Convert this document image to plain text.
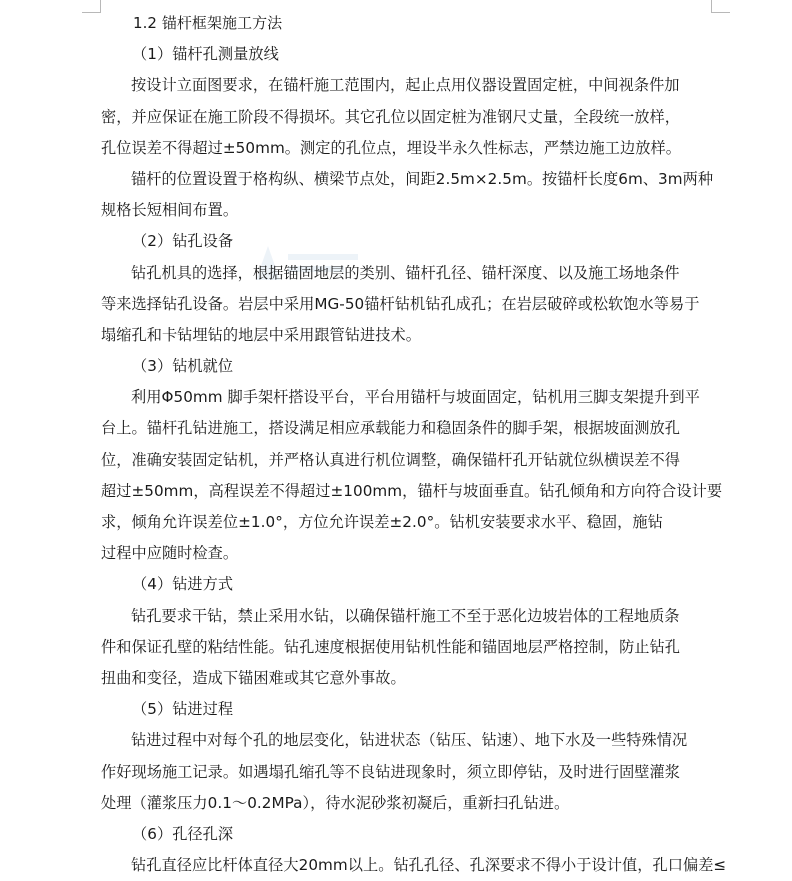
1.2 锚杆框架施工方法
（1）锚杆孔测量放线
按设计立面图要求，在锚杆施工范围内，起止点用仪器设置固定桩，中间视条件加
密，并应保证在施工阶段不得损坏。其它孔位以固定桩为准钢尺丈量，全段统一放样，
孔位误差不得超过±50mm。测定的孔位点，埋设半永久性标志，严禁边施工边放样。
锚杆的位置设置于格构纵、横梁节点处，间距2.5m×2.5m。按锚杆长度6m、3m两种
规格长短相间布置。
（2）钻孔设备
钻孔机具的选择，根据锚固地层的类别、锚杆孔径、锚杆深度、以及施工场地条件
等来选择钻孔设备。岩层中采用MG-50锚杆钻机钻孔成孔；在岩层破碎或松软饱水等易于
塌缩孔和卡钻埋钻的地层中采用跟管钻进技术。
（3）钻机就位
利用Φ50mm 脚手架杆搭设平台，平台用锚杆与坡面固定，钻机用三脚支架提升到平
台上。锚杆孔钻进施工，搭设满足相应承载能力和稳固条件的脚手架，根据坡面测放孔
位，准确安装固定钻机，并严格认真进行机位调整，确保锚杆孔开钻就位纵横误差不得
超过±50mm，高程误差不得超过±100mm，锚杆与坡面垂直。钻孔倾角和方向符合设计要
求，倾角允许误差位±1.0°，方位允许误差±2.0°。钻机安装要求水平、稳固，施钻
过程中应随时检查。
（4）钻进方式
钻孔要求干钻，禁止采用水钻，以确保锚杆施工不至于恶化边坡岩体的工程地质条
件和保证孔壁的粘结性能。钻孔速度根据使用钻机性能和锚固地层严格控制，防止钻孔
扭曲和变径，造成下锚困难或其它意外事故。
（5）钻进过程
钻进过程中对每个孔的地层变化，钻进状态（钻压、钻速）、地下水及一些特殊情况
作好现场施工记录。如遇塌孔缩孔等不良钻进现象时，须立即停钻，及时进行固壁灌浆
处理（灌浆压力0.1～0.2MPa），待水泥砂浆初凝后，重新扫孔钻进。
（6）孔径孔深
钻孔直径应比杆体直径大20mm以上。钻孔孔径、孔深要求不得小于设计值，孔口偏差≤
